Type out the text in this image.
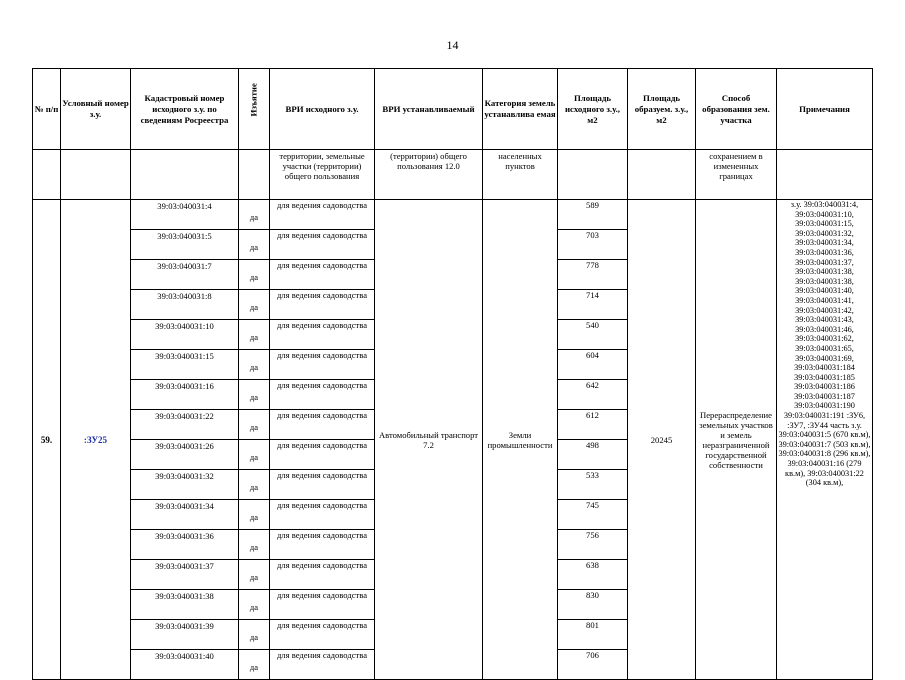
14
№ п/п	Условный номер з.у.	Кадастровый номер исходного з.у. по сведениям Росреестра	Изъятие	ВРИ исходного з.у.	ВРИ устанавливаемый	Категория земель устанавлива емая	Площадь исходного з.у., м2	Площадь образуем. з.у., м2	Способ образования зем. участка	Примечания
				территории, земельные участки (территории) общего пользования	(территории) общего пользования 12.0	населенных пунктов			сохранением в измененных границах	
59.	:ЗУ25	39:03:040031:4	да	для ведения садоводства	Автомобильный транспорт 7.2	Земли промышленности	589	20245	Перераспределение земельных участков и земель неразграниченной государственной собственности	з.у. 39:03:040031:4, 39:03:040031:10, 39:03:040031:15, 39:03:040031:32, 39:03:040031:34, 39:03:040031:36, 39:03:040031:37, 39:03:040031:38, 39:03:040031:38, 39:03:040031:40, 39:03:040031:41, 39:03:040031:42, 39:03:040031:43, 39:03:040031:46, 39:03:040031:62, 39:03:040031:65, 39:03:040031:69, 39:03:040031:184 39:03:040031:185 39:03:040031:186 39:03:040031:187 39:03:040031:190 39:03:040031:191 :ЗУ6, :ЗУ7, :ЗУ44 часть з.у. 39:03:040031:5 (670 кв.м), 39:03:040031:7 (503 кв.м), 39:03:040031:8 (296 кв.м), 39:03:040031:16 (279 кв.м), 39:03:040031:22 (304 кв.м),
		39:03:040031:5	да	для ведения садоводства			703			
		39:03:040031:7	да	для ведения садоводства			778			
		39:03:040031:8	да	для ведения садоводства			714			
		39:03:040031:10	да	для ведения садоводства			540			
		39:03:040031:15	да	для ведения садоводства			604			
		39:03:040031:16	да	для ведения садоводства			642			
		39:03:040031:22	да	для ведения садоводства			612			
		39:03:040031:26	да	для ведения садоводства			498			
		39:03:040031:32	да	для ведения садоводства			533			
		39:03:040031:34	да	для ведения садоводства			745			
		39:03:040031:36	да	для ведения садоводства			756			
		39:03:040031:37	да	для ведения садоводства			638			
		39:03:040031:38	да	для ведения садоводства			830			
		39:03:040031:39	да	для ведения садоводства			801			
		39:03:040031:40	да	для ведения садоводства			706			
